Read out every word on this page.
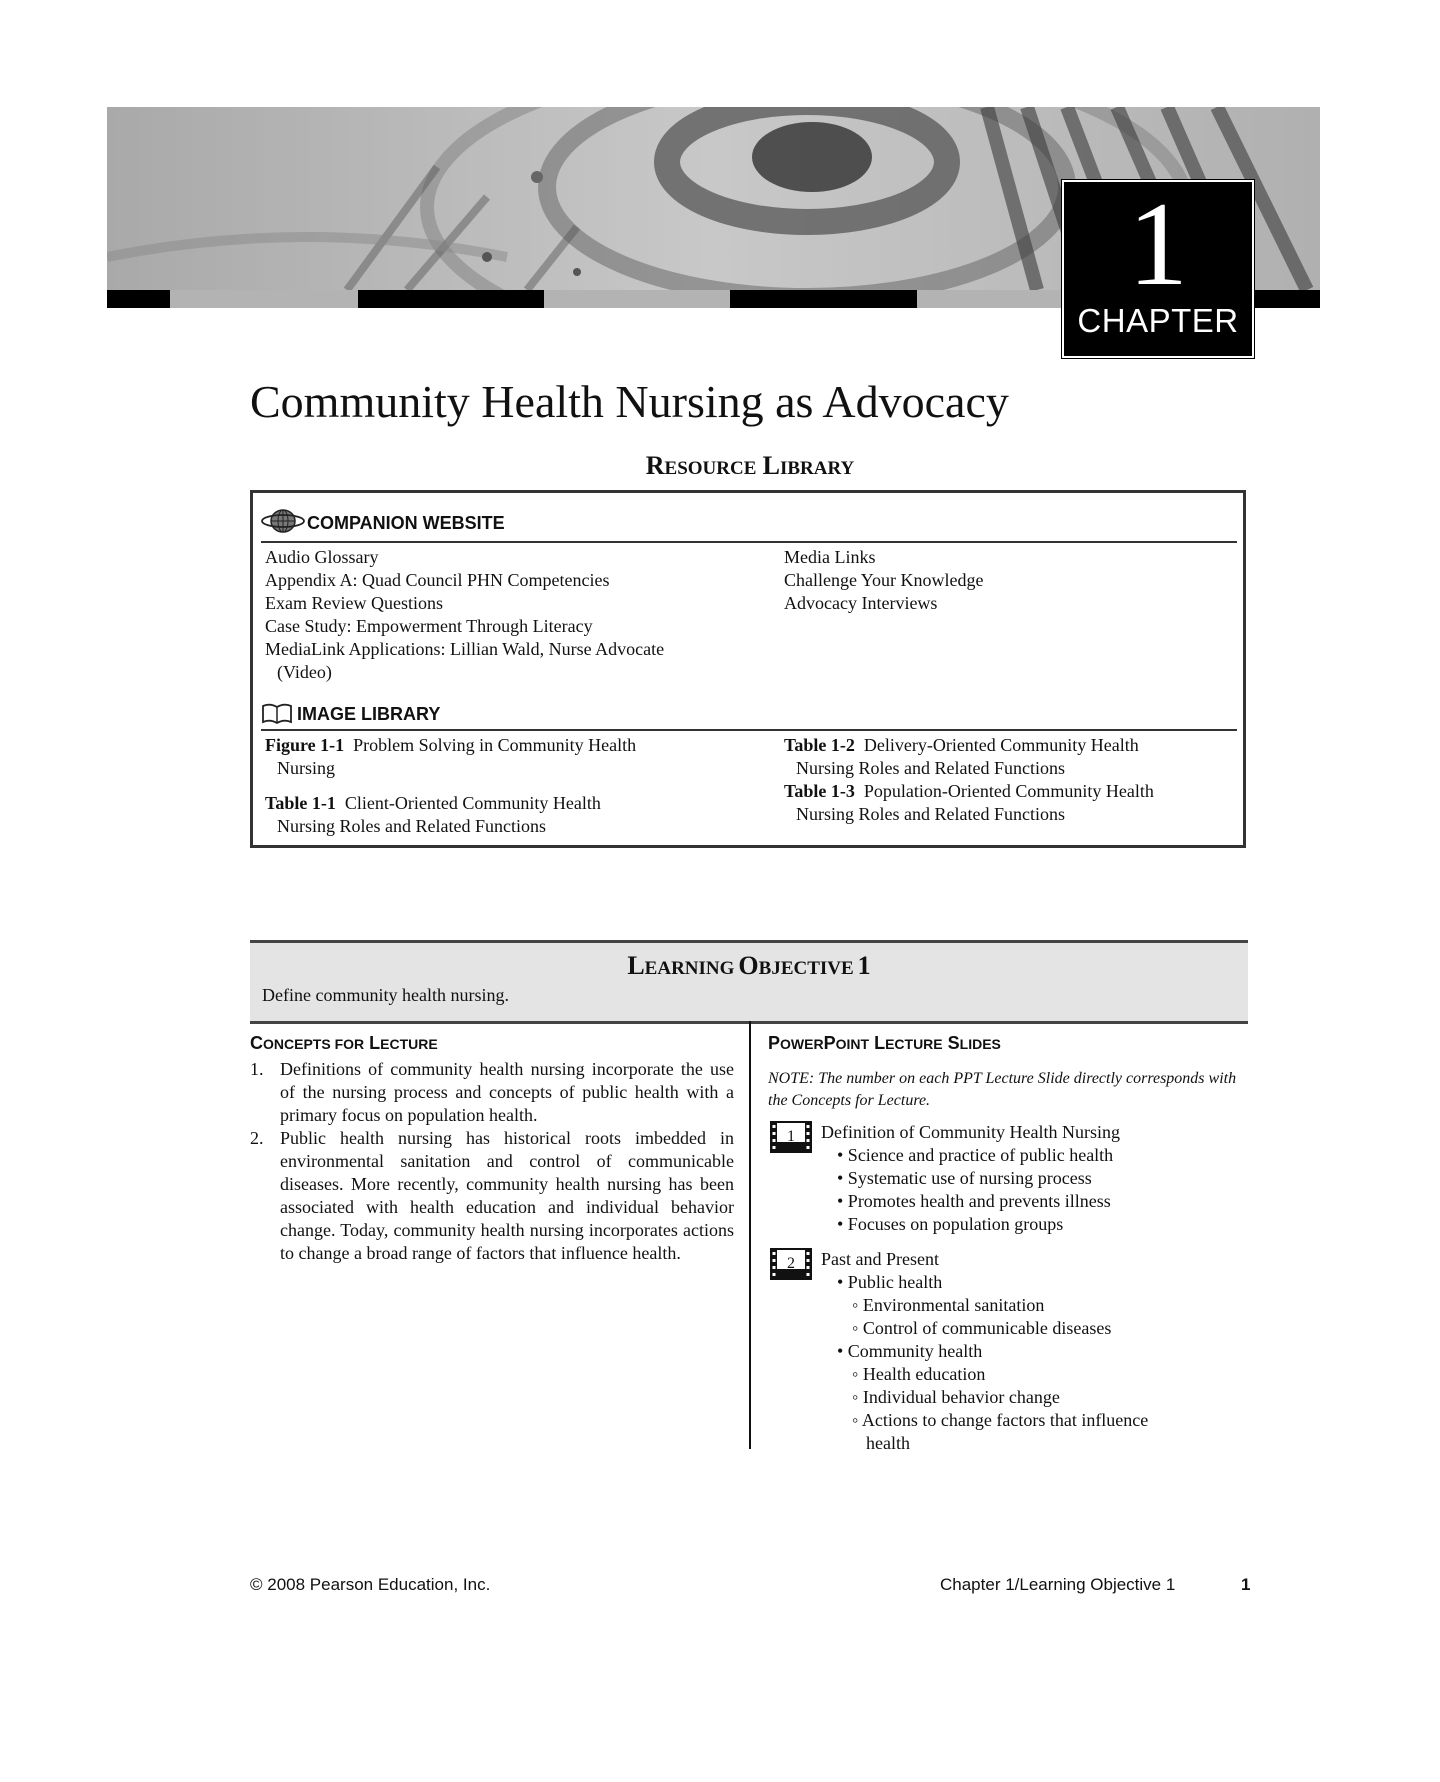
1
CHAPTER
Community Health Nursing as Advocacy
RESOURCE LIBRARY
COMPANION WEBSITE
Audio Glossary
Appendix A: Quad Council PHN Competencies
Exam Review Questions
Case Study: Empowerment Through Literacy
MediaLink Applications: Lillian Wald, Nurse Advocate
(Video)
Media Links
Challenge Your Knowledge
Advocacy Interviews
IMAGE LIBRARY
Figure 1-1 Problem Solving in Community Health
Nursing
Table 1-1 Client-Oriented Community Health
Nursing Roles and Related Functions
Table 1-2 Delivery-Oriented Community Health
Nursing Roles and Related Functions
Table 1-3 Population-Oriented Community Health
Nursing Roles and Related Functions
LEARNING OBJECTIVE 1
Define community health nursing.
CONCEPTS FOR LECTURE
1. Definitions of community health nursing incorporate the use of the nursing process and concepts of public health with a primary focus on population health.
2. Public health nursing has historical roots imbedded in environmental sanitation and control of communicable diseases. More recently, community health nursing has been associated with health education and individual behavior change. Today, community health nursing incorporates actions to change a broad range of factors that influence health.
POWERPOINT LECTURE SLIDES
NOTE: The number on each PPT Lecture Slide directly corresponds with the Concepts for Lecture.
1	Definition of Community Health Nursing
• Science and practice of public health
• Systematic use of nursing process
• Promotes health and prevents illness
• Focuses on population groups
2	Past and Present
• Public health
◦ Environmental sanitation
◦ Control of communicable diseases
• Community health
◦ Health education
◦ Individual behavior change
◦ Actions to change factors that influence
health
© 2008 Pearson Education, Inc.	Chapter 1/Learning Objective 1	1
